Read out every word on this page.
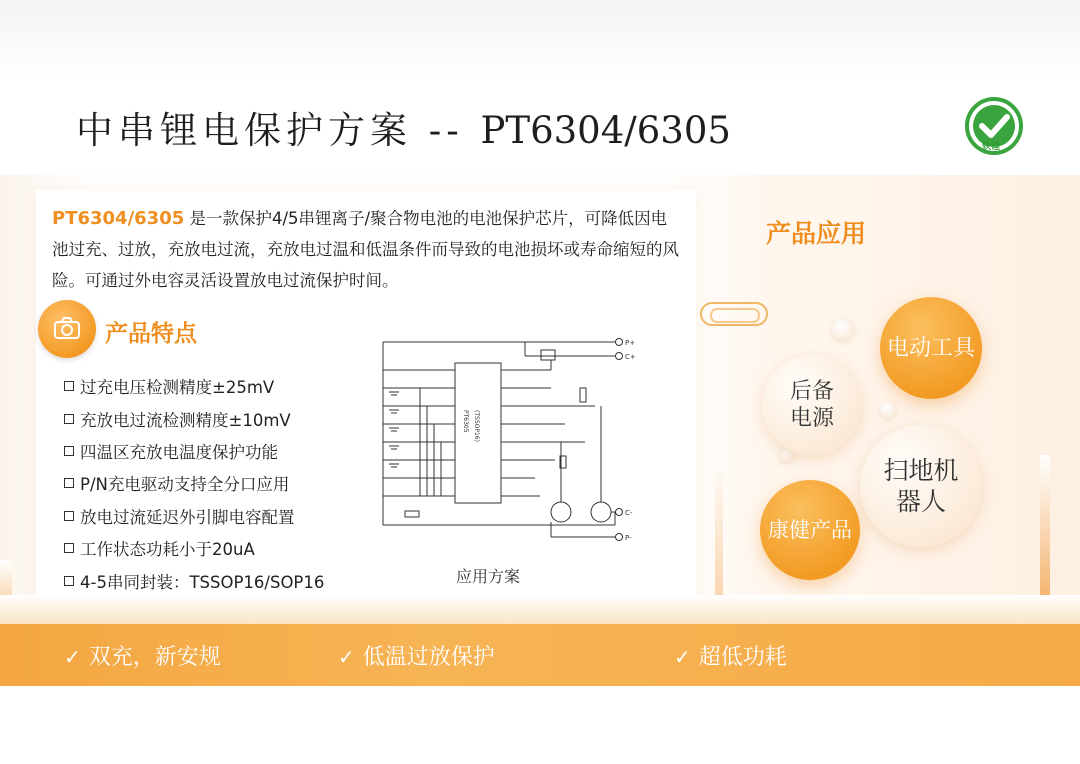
中串锂电保护方案 -- PT6304/6305	铁锂
PT6304/6305 是一款保护4/5串锂离子/聚合物电池的电池保护芯片，可降低因电池过充、过放，充放电过流，充放电过温和低温条件而导致的电池损坏或寿命缩短的风险。可通过外电容灵活设置放电过流保护时间。
产品特点
过充电压检测精度±25mV
充放电过流检测精度±10mV
四温区充放电温度保护功能
P/N充电驱动支持全分口应用
放电过流延迟外引脚电容配置
工作状态功耗小于20uA
4-5串同封装：TSSOP16/SOP16
PT6305 (TSSOP16)
P+
C+
C-
P-
应用方案
产品应用
电动工具
后备电源
扫地机器人
康健产品
✓ 双充，新安规	✓ 低温过放保护	✓ 超低功耗
